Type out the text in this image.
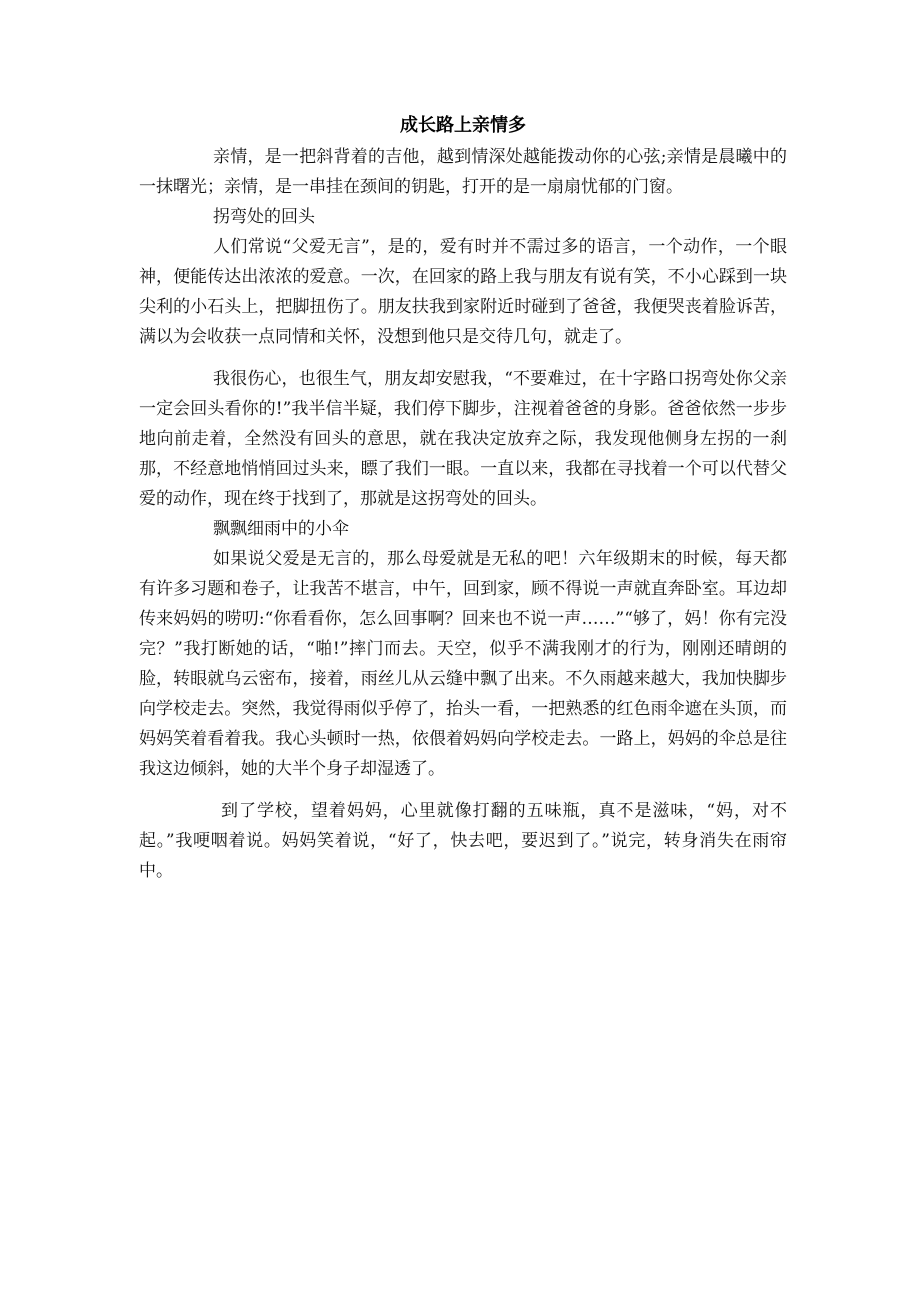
成长路上亲情多

亲情，是一把斜背着的吉他，越到情深处越能拨动你的心弦;亲情是晨曦中的一抹曙光；亲情，是一串挂在颈间的钥匙，打开的是一扇扇忧郁的门窗。

拐弯处的回头

人们常说“父爱无言”，是的，爱有时并不需过多的语言，一个动作，一个眼神，便能传达出浓浓的爱意。一次，在回家的路上我与朋友有说有笑，不小心踩到一块尖利的小石头上，把脚扭伤了。朋友扶我到家附近时碰到了爸爸，我便哭丧着脸诉苦，满以为会收获一点同情和关怀，没想到他只是交待几句，就走了。

我很伤心，也很生气，朋友却安慰我，“不要难过，在十字路口拐弯处你父亲一定会回头看你的!”我半信半疑，我们停下脚步，注视着爸爸的身影。爸爸依然一步步地向前走着，全然没有回头的意思，就在我决定放弃之际，我发现他侧身左拐的一刹那，不经意地悄悄回过头来，瞟了我们一眼。一直以来，我都在寻找着一个可以代替父爱的动作，现在终于找到了，那就是这拐弯处的回头。

飘飘细雨中的小伞

如果说父爱是无言的，那么母爱就是无私的吧！六年级期末的时候，每天都有许多习题和卷子，让我苦不堪言，中午，回到家，顾不得说一声就直奔卧室。耳边却传来妈妈的唠叨:“你看看你，怎么回事啊？回来也不说一声……”“够了，妈！你有完没完？”我打断她的话，“啪!”摔门而去。天空，似乎不满我刚才的行为，刚刚还晴朗的脸，转眼就乌云密布，接着，雨丝儿从云缝中飘了出来。不久雨越来越大，我加快脚步向学校走去。突然，我觉得雨似乎停了，抬头一看，一把熟悉的红色雨伞遮在头顶，而妈妈笑着看着我。我心头顿时一热，依偎着妈妈向学校走去。一路上，妈妈的伞总是往我这边倾斜，她的大半个身子却湿透了。

到了学校，望着妈妈，心里就像打翻的五味瓶，真不是滋味，“妈，对不起。”我哽咽着说。妈妈笑着说，“好了，快去吧，要迟到了。”说完，转身消失在雨帘中。
